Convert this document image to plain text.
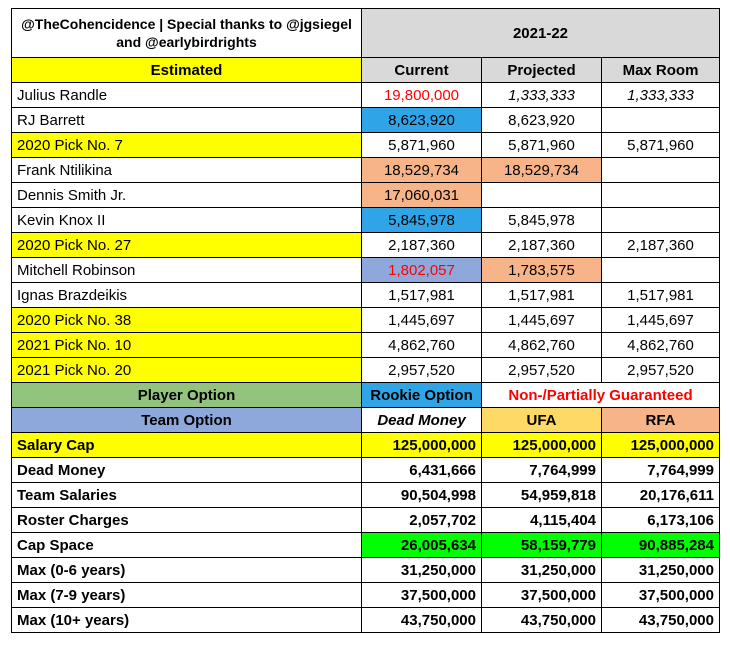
@TheCohencidence | Special thanks to @jgsiegel and @earlybirdrights	2021-22		
Estimated	Current	Projected	Max Room
Julius Randle	19,800,000	1,333,333	1,333,333
RJ Barrett	8,623,920	8,623,920	
2020 Pick No. 7	5,871,960	5,871,960	5,871,960
Frank Ntilikina	18,529,734	18,529,734	
Dennis Smith Jr.	17,060,031		
Kevin Knox II	5,845,978	5,845,978	
2020 Pick No. 27	2,187,360	2,187,360	2,187,360
Mitchell Robinson	1,802,057	1,783,575	
Ignas Brazdeikis	1,517,981	1,517,981	1,517,981
2020 Pick No. 38	1,445,697	1,445,697	1,445,697
2021 Pick No. 10	4,862,760	4,862,760	4,862,760
2021 Pick No. 20	2,957,520	2,957,520	2,957,520
Player Option	Rookie Option	Non-/Partially Guaranteed	
Team Option	Dead Money	UFA	RFA
Salary Cap	125,000,000	125,000,000	125,000,000
Dead Money	6,431,666	7,764,999	7,764,999
Team Salaries	90,504,998	54,959,818	20,176,611
Roster Charges	2,057,702	4,115,404	6,173,106
Cap Space	26,005,634	58,159,779	90,885,284
Max (0-6 years)	31,250,000	31,250,000	31,250,000
Max (7-9 years)	37,500,000	37,500,000	37,500,000
Max (10+ years)	43,750,000	43,750,000	43,750,000
